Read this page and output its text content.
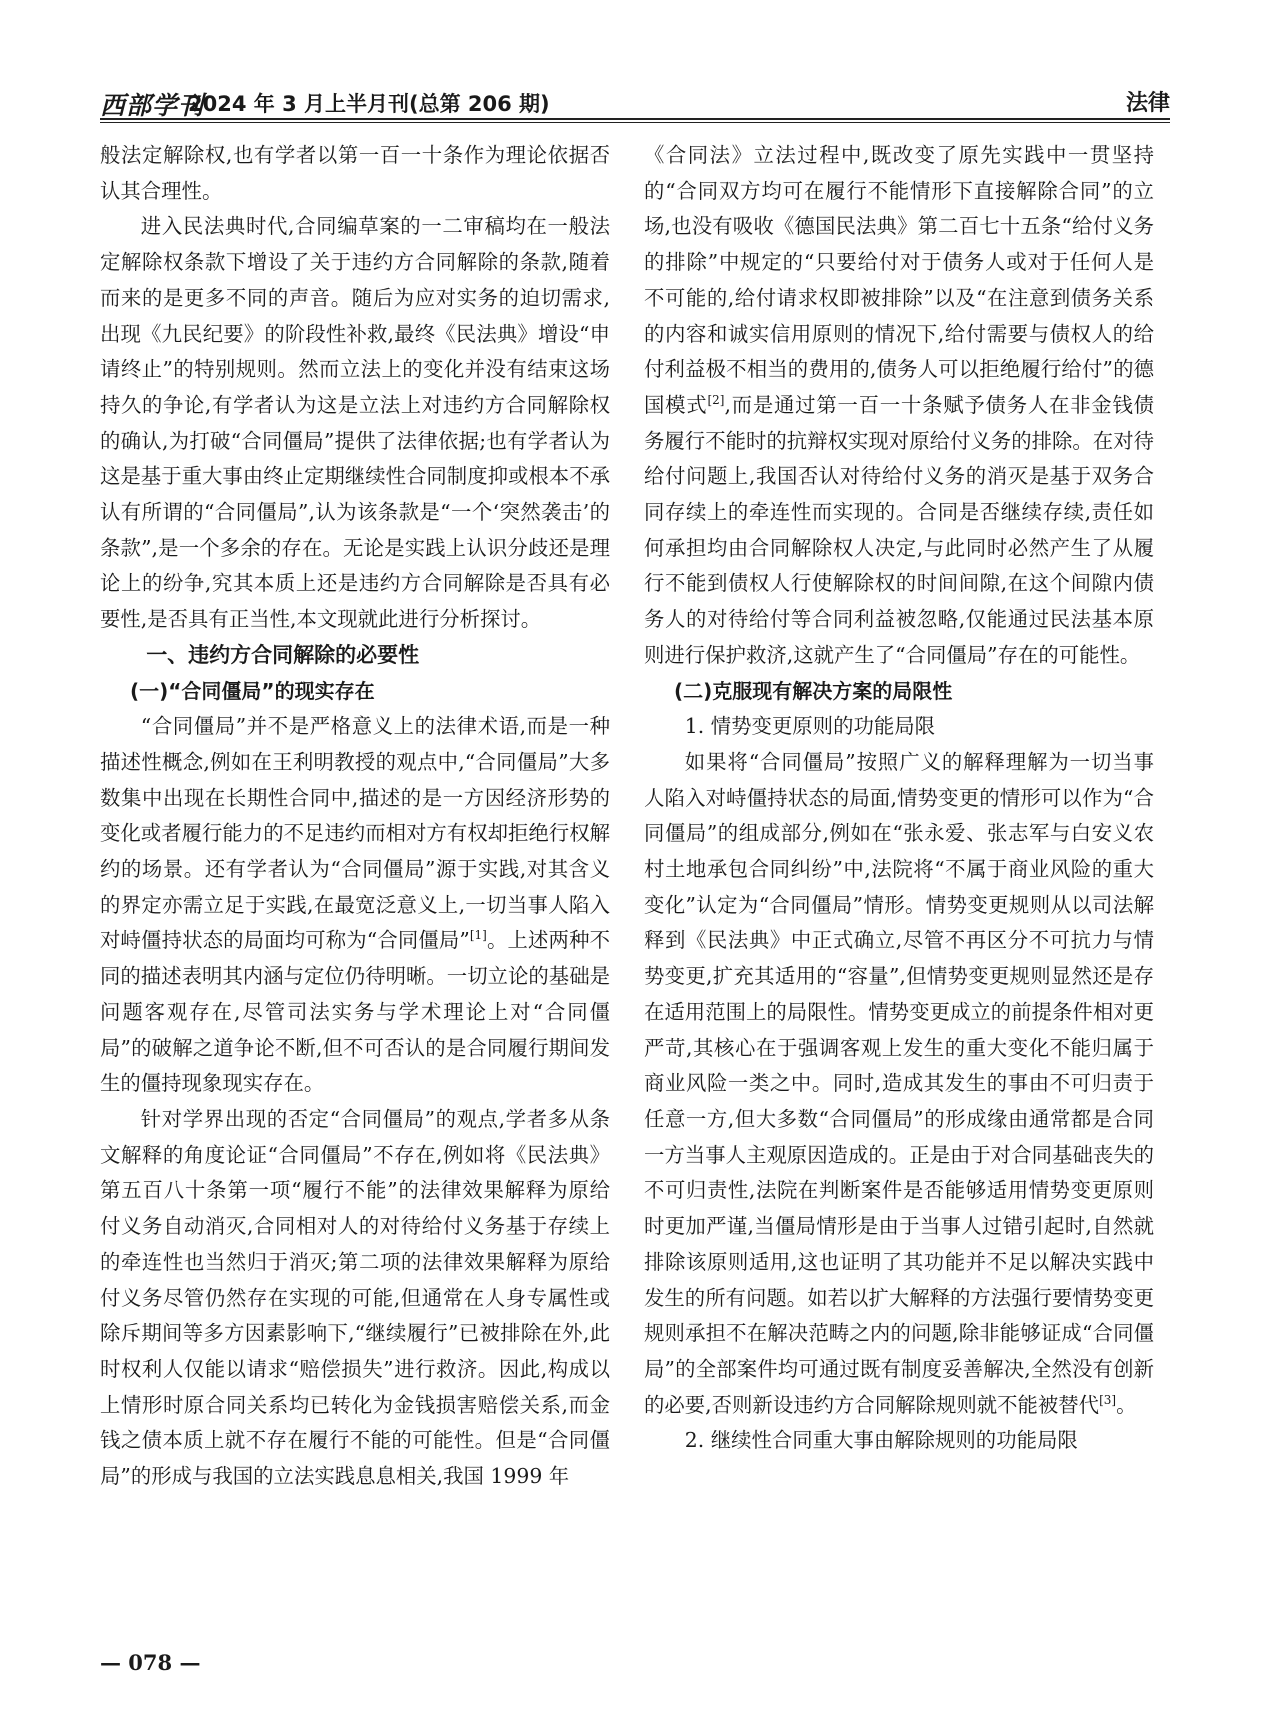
西部学刊
2024 年 3 月上半月刊(总第 206 期)	法律

般法定解除权,也有学者以第一百一十条作为理论依据否认其合理性。

进入民法典时代,合同编草案的一二审稿均在一般法定解除权条款下增设了关于违约方合同解除的条款,随着而来的是更多不同的声音。随后为应对实务的迫切需求,出现《九民纪要》的阶段性补救,最终《民法典》增设“申请终止”的特别规则。然而立法上的变化并没有结束这场持久的争论,有学者认为这是立法上对违约方合同解除权的确认,为打破“合同僵局”提供了法律依据;也有学者认为这是基于重大事由终止定期继续性合同制度抑或根本不承认有所谓的“合同僵局”,认为该条款是“一个‘突然袭击’的条款”,是一个多余的存在。无论是实践上认识分歧还是理论上的纷争,究其本质上还是违约方合同解除是否具有必要性,是否具有正当性,本文现就此进行分析探讨。

一、违约方合同解除的必要性
(一)“合同僵局”的现实存在

“合同僵局”并不是严格意义上的法律术语,而是一种描述性概念,例如在王利明教授的观点中,“合同僵局”大多数集中出现在长期性合同中,描述的是一方因经济形势的变化或者履行能力的不足违约而相对方有权却拒绝行权解约的场景。还有学者认为“合同僵局”源于实践,对其含义的界定亦需立足于实践,在最宽泛意义上,一切当事人陷入对峙僵持状态的局面均可称为“合同僵局”[1]。上述两种不同的描述表明其内涵与定位仍待明晰。一切立论的基础是问题客观存在,尽管司法实务与学术理论上对“合同僵局”的破解之道争论不断,但不可否认的是合同履行期间发生的僵持现象现实存在。

针对学界出现的否定“合同僵局”的观点,学者多从条文解释的角度论证“合同僵局”不存在,例如将《民法典》第五百八十条第一项“履行不能”的法律效果解释为原给付义务自动消灭,合同相对人的对待给付义务基于存续上的牵连性也当然归于消灭;第二项的法律效果解释为原给付义务尽管仍然存在实现的可能,但通常在人身专属性或除斥期间等多方因素影响下,“继续履行”已被排除在外,此时权利人仅能以请求“赔偿损失”进行救济。因此,构成以上情形时原合同关系均已转化为金钱损害赔偿关系,而金钱之债本质上就不存在履行不能的可能性。但是“合同僵局”的形成与我国的立法实践息息相关,我国 1999 年

《合同法》立法过程中,既改变了原先实践中一贯坚持的“合同双方均可在履行不能情形下直接解除合同”的立场,也没有吸收《德国民法典》第二百七十五条“给付义务的排除”中规定的“只要给付对于债务人或对于任何人是不可能的,给付请求权即被排除”以及“在注意到债务关系的内容和诚实信用原则的情况下,给付需要与债权人的给付利益极不相当的费用的,债务人可以拒绝履行给付”的德国模式[2],而是通过第一百一十条赋予债务人在非金钱债务履行不能时的抗辩权实现对原给付义务的排除。在对待给付问题上,我国否认对待给付义务的消灭是基于双务合同存续上的牵连性而实现的。合同是否继续存续,责任如何承担均由合同解除权人决定,与此同时必然产生了从履行不能到债权人行使解除权的时间间隙,在这个间隙内债务人的对待给付等合同利益被忽略,仅能通过民法基本原则进行保护救济,这就产生了“合同僵局”存在的可能性。

(二)克服现有解决方案的局限性
1. 情势变更原则的功能局限

如果将“合同僵局”按照广义的解释理解为一切当事人陷入对峙僵持状态的局面,情势变更的情形可以作为“合同僵局”的组成部分,例如在“张永爱、张志军与白安义农村土地承包合同纠纷”中,法院将“不属于商业风险的重大变化”认定为“合同僵局”情形。情势变更规则从以司法解释到《民法典》中正式确立,尽管不再区分不可抗力与情势变更,扩充其适用的“容量”,但情势变更规则显然还是存在适用范围上的局限性。情势变更成立的前提条件相对更严苛,其核心在于强调客观上发生的重大变化不能归属于商业风险一类之中。同时,造成其发生的事由不可归责于任意一方,但大多数“合同僵局”的形成缘由通常都是合同一方当事人主观原因造成的。正是由于对合同基础丧失的不可归责性,法院在判断案件是否能够适用情势变更原则时更加严谨,当僵局情形是由于当事人过错引起时,自然就排除该原则适用,这也证明了其功能并不足以解决实践中发生的所有问题。如若以扩大解释的方法强行要情势变更规则承担不在解决范畴之内的问题,除非能够证成“合同僵局”的全部案件均可通过既有制度妥善解决,全然没有创新的必要,否则新设违约方合同解除规则就不能被替代[3]。

2. 继续性合同重大事由解除规则的功能局限
— 078 —
